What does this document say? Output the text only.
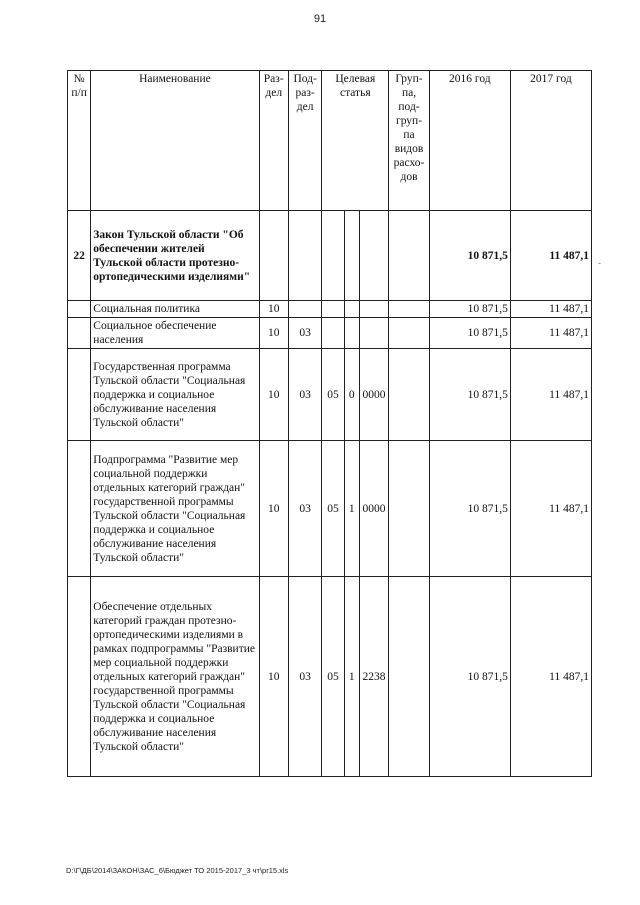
91
№ п/п	Наименование	Раз-дел	Под-раз-дел	Целевая статья			Груп-па, под-груп-па видов расхо-дов	2016 год	2017 год
22	Закон Тульской области "Об обеспечении жителей Тульской области протезно-ортопедическими изделиями"							10 871,5	11 487,1
	Социальная политика	10						10 871,5	11 487,1
	Социальное обеспечение населения	10	03					10 871,5	11 487,1
	Государственная программа Тульской области "Социальная поддержка и социальное обслуживание населения Тульской области"	10	03	05	0	0000		10 871,5	11 487,1
	Подпрограмма "Развитие мер социальной поддержки отдельных категорий граждан" государственной программы Тульской области "Социальная поддержка и социальное обслуживание населения Тульской области"	10	03	05	1	0000		10 871,5	11 487,1
	Обеспечение отдельных категорий граждан протезно-ортопедическими изделиями в рамках подпрограммы "Развитие мер социальной поддержки отдельных категорий граждан" государственной программы Тульской области "Социальная поддержка и социальное обслуживание населения Тульской области"	10	03	05	1	2238		10 871,5	11 487,1
-
D:\Г\ДБ\2014\ЗАКОН\ЗАС_6\Бюджет ТО 2015-2017_3 чт\pr15.xls
